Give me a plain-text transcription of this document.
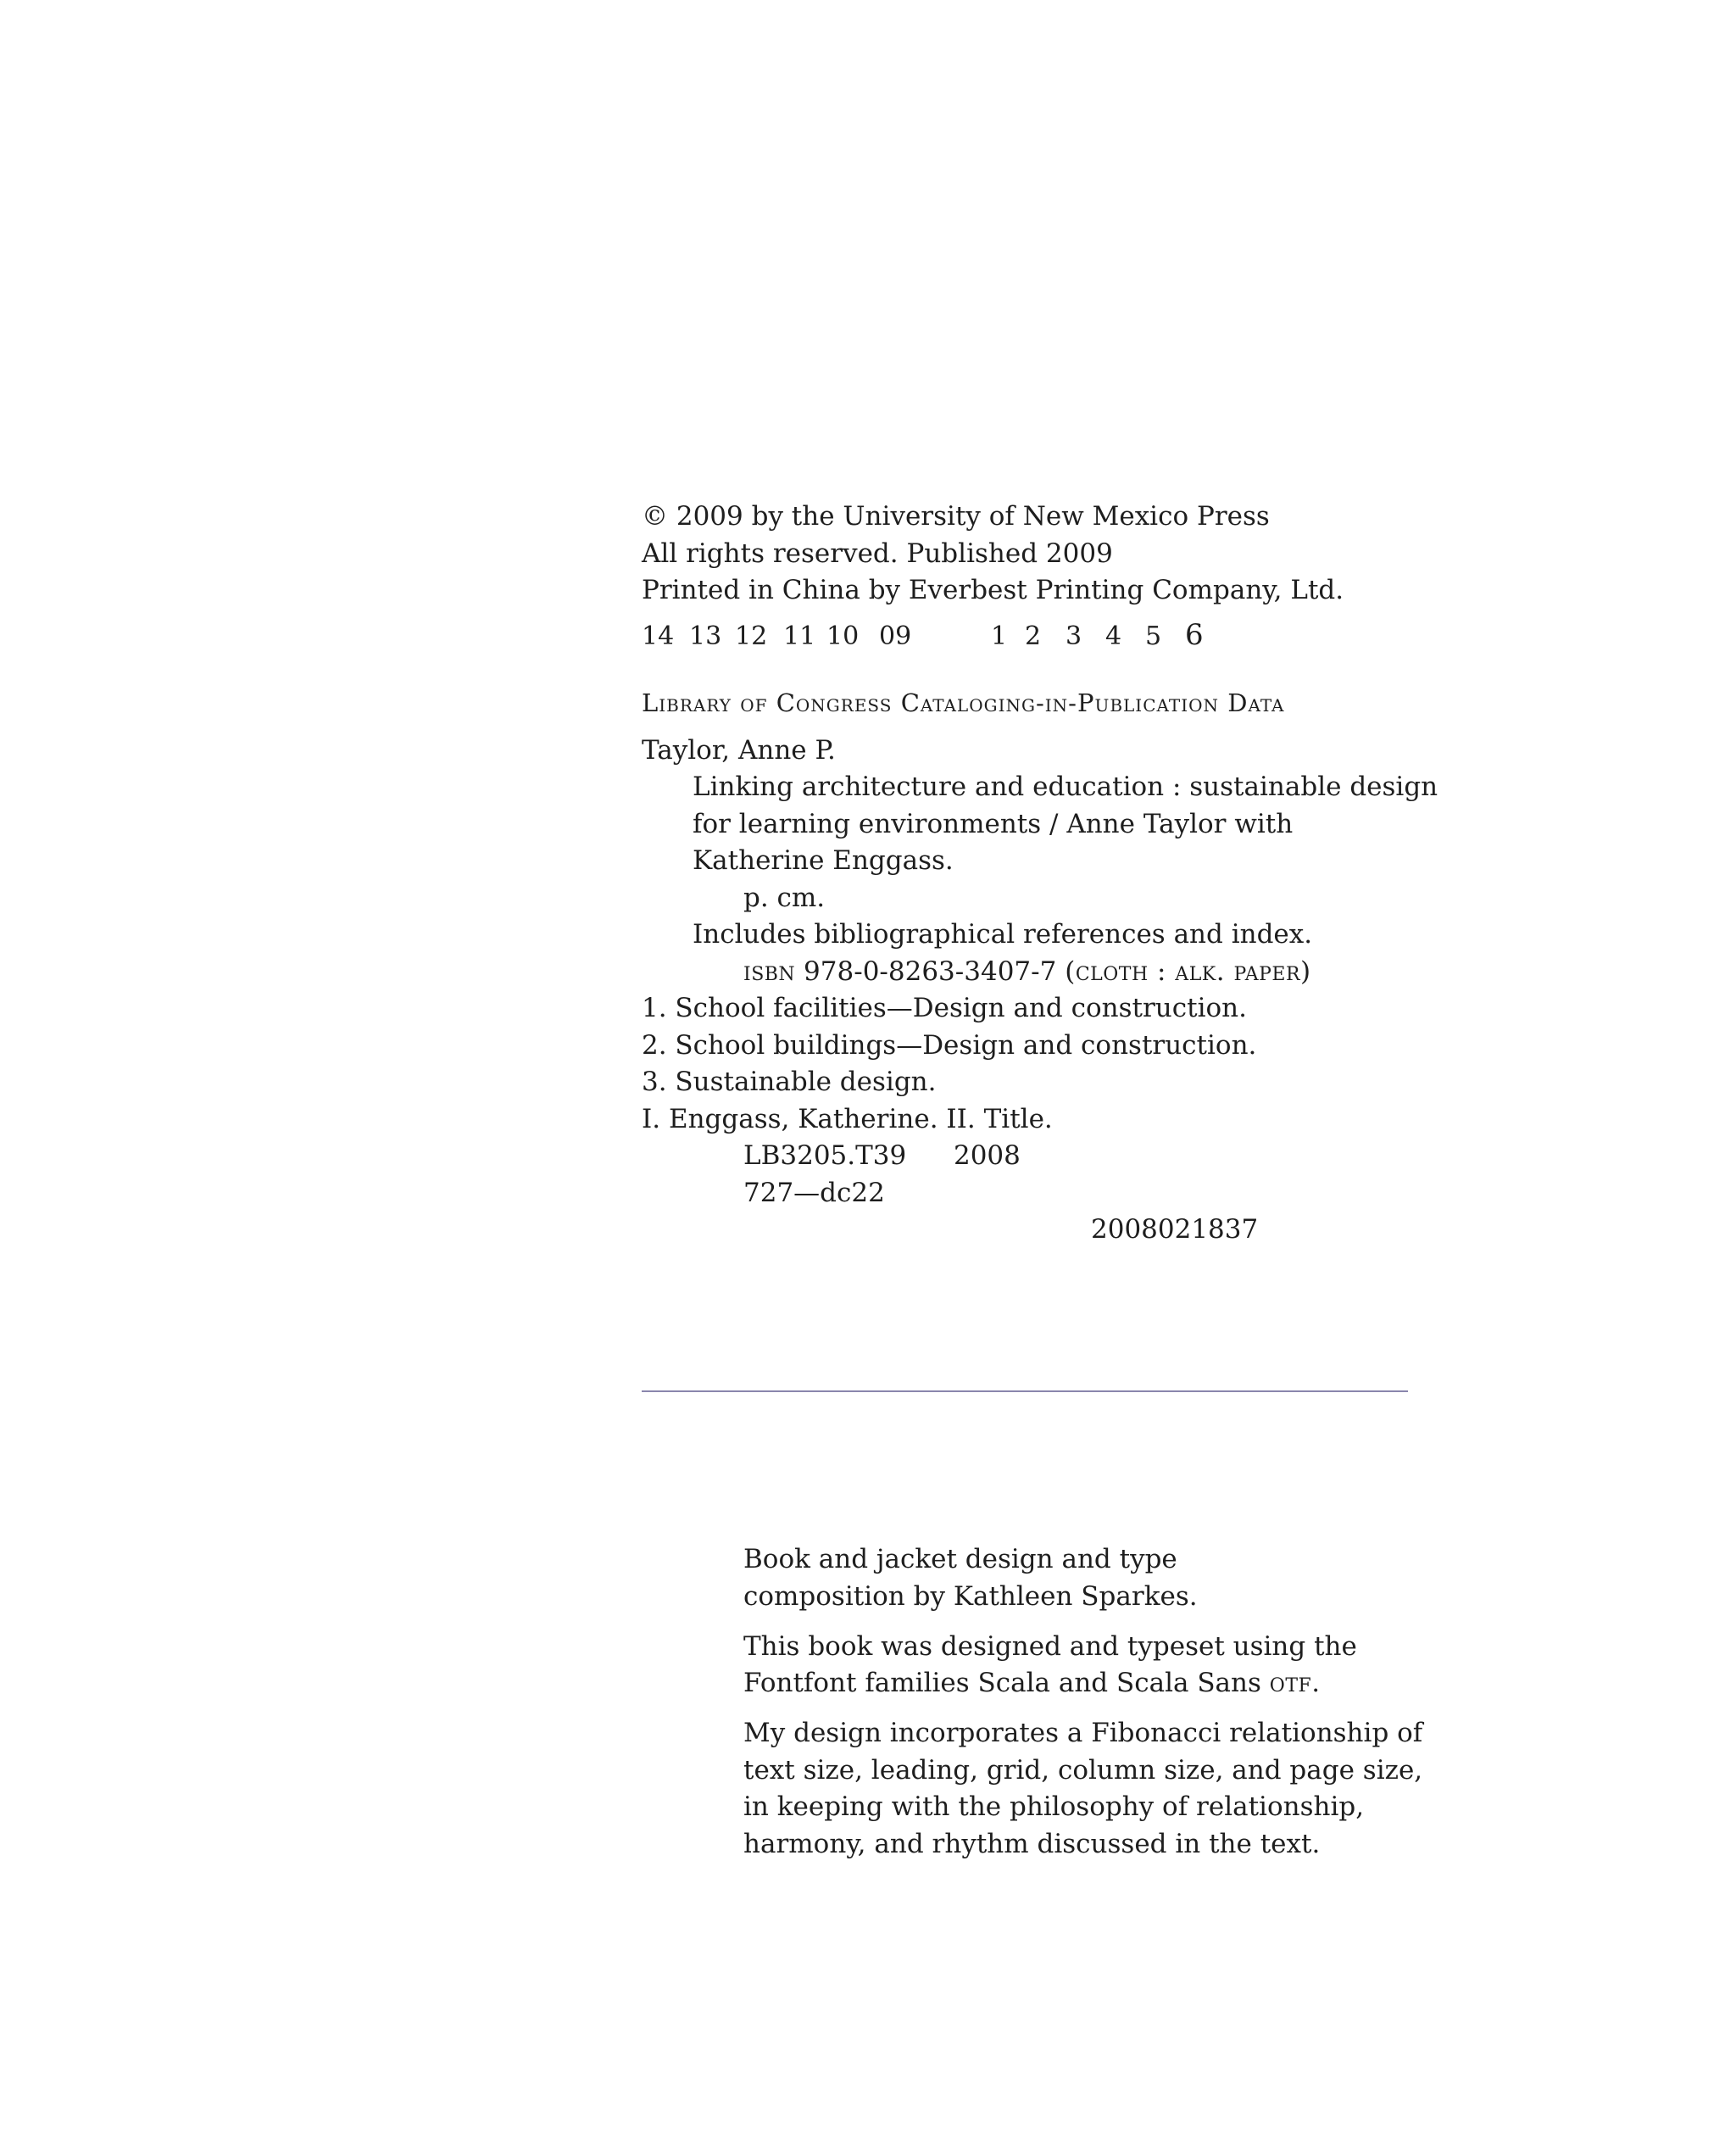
© 2009 by the University of New Mexico Press
All rights reserved. Published 2009
Printed in China by Everbest Printing Company, Ltd.
14 13 12 11 10 09	1 2 3 4 5 6
Library of Congress Cataloging-in-Publication Data
Taylor, Anne P.
Linking architecture and education : sustainable design
for learning environments / Anne Taylor with
Katherine Enggass.
p. cm.
Includes bibliographical references and index.
isbn 978-0-8263-3407-7 (cloth : alk. paper)
1. School facilities—Design and construction.
2. School buildings—Design and construction.
3. Sustainable design.
I. Enggass, Katherine. II. Title.
LB3205.T39 2008
727—dc22
2008021837
Book and jacket design and type
composition by Kathleen Sparkes.
This book was designed and typeset using the
Fontfont families Scala and Scala Sans otf.
My design incorporates a Fibonacci relationship of
text size, leading, grid, column size, and page size,
in keeping with the philosophy of relationship,
harmony, and rhythm discussed in the text.
